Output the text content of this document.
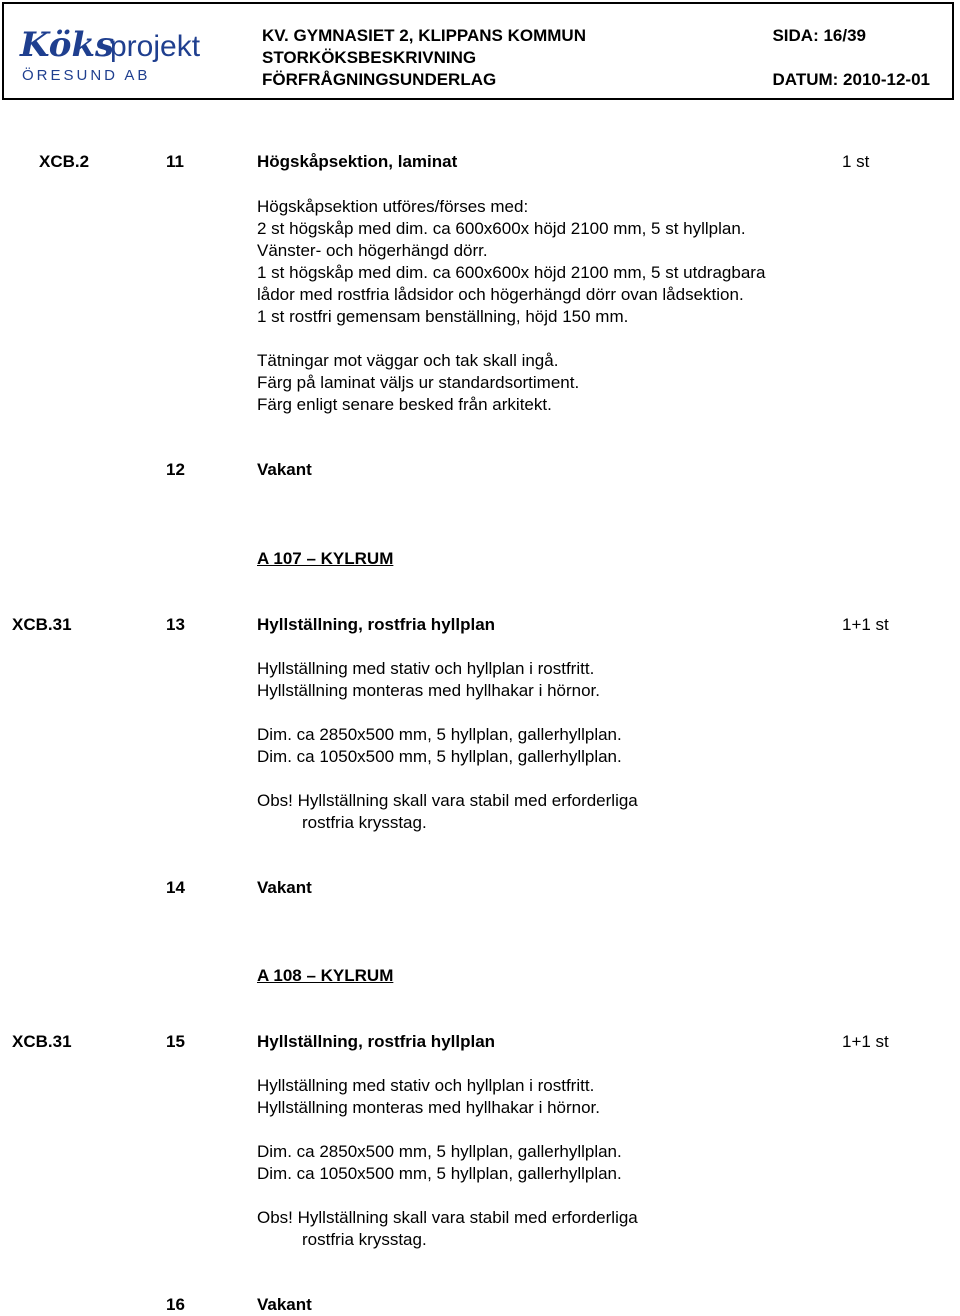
Köks
projekt
ÖRESUND AB
KV. GYMNASIET 2, KLIPPANS KOMMUN
STORKÖKSBESKRIVNING
FÖRFRÅGNINGSUNDERLAG
SIDA: 16/39
DATUM: 2010-12-01
XCB.2	11	Högskåpsektion, laminat	1 st
Högskåpsektion utföres/förses med:
2 st högskåp med dim. ca 600x600x höjd 2100 mm, 5 st hyllplan.
Vänster- och högerhängd dörr.
1 st högskåp med dim. ca 600x600x höjd 2100 mm, 5 st utdragbara
lådor med rostfria lådsidor och högerhängd dörr ovan lådsektion.
1 st rostfri gemensam benställning, höjd 150 mm.
Tätningar mot väggar och tak skall ingå.
Färg på laminat väljs ur standardsortiment.
Färg enligt senare besked från arkitekt.
12	Vakant
A 107 – KYLRUM
XCB.31	13	Hyllställning, rostfria hyllplan	1+1 st
Hyllställning med stativ och hyllplan i rostfritt.
Hyllställning monteras med hyllhakar i hörnor.
Dim. ca 2850x500 mm, 5 hyllplan, gallerhyllplan.
Dim. ca 1050x500 mm, 5 hyllplan, gallerhyllplan.
Obs! Hyllställning skall vara stabil med erforderliga
rostfria krysstag.
14	Vakant
A 108 – KYLRUM
XCB.31	15	Hyllställning, rostfria hyllplan	1+1 st
Hyllställning med stativ och hyllplan i rostfritt.
Hyllställning monteras med hyllhakar i hörnor.
Dim. ca 2850x500 mm, 5 hyllplan, gallerhyllplan.
Dim. ca 1050x500 mm, 5 hyllplan, gallerhyllplan.
Obs! Hyllställning skall vara stabil med erforderliga
rostfria krysstag.
16	Vakant
